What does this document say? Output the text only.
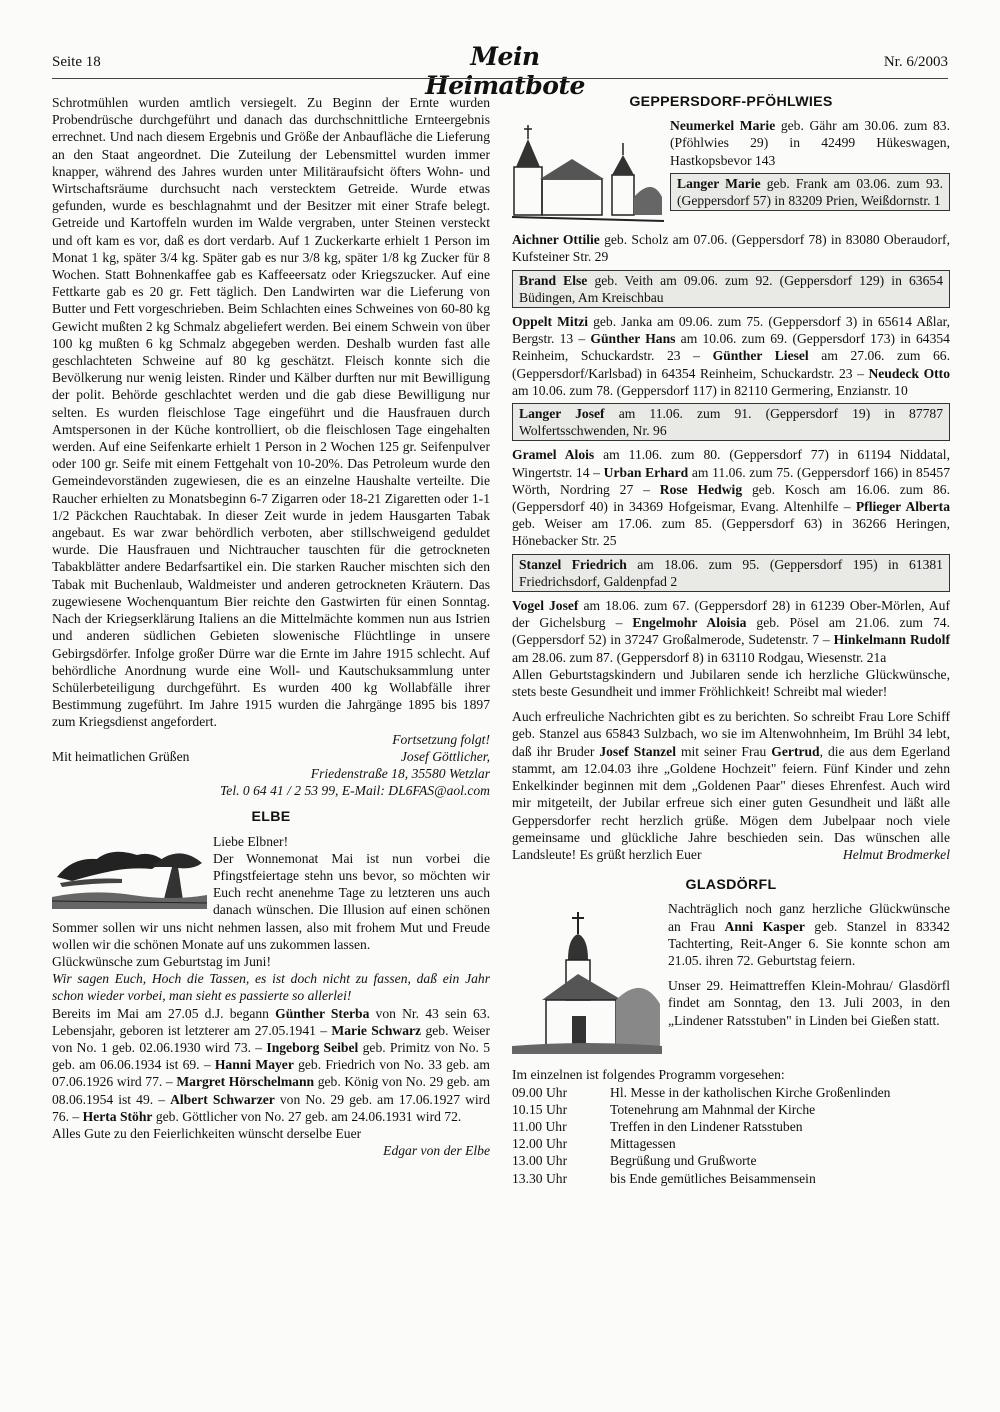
Seite 18	Mein Heimatbote
Nr. 6/2003

Schrotmühlen wurden amtlich versiegelt. Zu Beginn der Ernte wurden Probendrüsche durchgeführt und danach das durchschnittliche Ernteergebnis errechnet. Und nach diesem Ergebnis und Größe der Anbaufläche die Lieferung an den Staat angeordnet. Die Zuteilung der Lebensmittel wurden immer knapper, während des Jahres wurden unter Militäraufsicht öfters Wohn- und Wirtschaftsräume durchsucht nach verstecktem Getreide. Wurde etwas gefunden, wurde es beschlagnahmt und der Besitzer mit einer Strafe belegt. Getreide und Kartoffeln wurden im Walde vergraben, unter Steinen versteckt und oft kam es vor, daß es dort verdarb. Auf 1 Zuckerkarte erhielt 1 Person im Monat 1 kg, später 3/4 kg. Später gab es nur 3/8 kg, später 1/8 kg Zucker für 8 Wochen. Statt Bohnenkaffee gab es Kaffeeersatz oder Kriegszucker. Auf eine Fettkarte gab es 20 gr. Fett täglich. Den Landwirten war die Lieferung von Butter und Fett vorgeschrieben. Beim Schlachten eines Schweines von 60-80 kg Gewicht mußten 2 kg Schmalz abgeliefert werden. Bei einem Schwein von über 100 kg mußten 6 kg Schmalz abgegeben werden. Deshalb wurden fast alle geschlachteten Schweine auf 80 kg geschätzt. Fleisch konnte sich die Bevölkerung nur wenig leisten. Rinder und Kälber durften nur mit Bewilligung der polit. Behörde geschlachtet werden und die gab diese Bewilligung nur selten. Es wurden fleischlose Tage eingeführt und die Hausfrauen durch Amtspersonen in der Küche kontrolliert, ob die fleischlosen Tage eingehalten werden. Auf eine Seifenkarte erhielt 1 Person in 2 Wochen 125 gr. Seifenpulver oder 100 gr. Seife mit einem Fettgehalt von 10-20%. Das Petroleum wurde den Gemeindevorständen zugewiesen, die es an einzelne Haushalte verteilte. Die Raucher erhielten zu Monatsbeginn 6-7 Zigarren oder 18-21 Zigaretten oder 1-1 1/2 Päckchen Rauchtabak. In dieser Zeit wurde in jedem Hausgarten Tabak angebaut. Es war zwar behördlich verboten, aber stillschweigend geduldet wurde. Die Hausfrauen und Nichtraucher tauschten für die getrockneten Tabakblätter andere Bedarfsartikel ein. Die starken Raucher mischten sich den Tabak mit Buchenlaub, Waldmeister und anderen getrockneten Kräutern. Das zugewiesene Wochenquantum Bier reichte den Gastwirten für einen Sonntag. Nach der Kriegserklärung Italiens an die Mittelmächte kommen nun aus Istrien und anderen südlichen Gebieten slowenische Flüchtlinge in unsere Gebirgsdörfer. Infolge großer Dürre war die Ernte im Jahre 1915 schlecht. Auf behördliche Anordnung wurde eine Woll- und Kautschuksammlung unter Schülerbeteiligung durchgeführt. Es wurden 400 kg Wollabfälle ihrer Bestimmung zugeführt. Im Jahre 1915 wurden die Jahrgänge 1895 bis 1897 zum Kriegsdienst angefordert.

Fortsetzung folgt!

Mit heimatlichen Grüßen	Josef Göttlicher,

Friedenstraße 18, 35580 Wetzlar

Tel. 0 64 41 / 2 53 99, E-Mail: DL6FAS@aol.com

ELBE

Liebe Elbner!

Der Wonnemonat Mai ist nun vorbei die Pfingstfeiertage stehn uns bevor, so möchten wir Euch recht anenehme Tage zu letzteren uns auch danach wünschen. Die Illusion auf einen schönen Sommer sollen wir uns nicht nehmen lassen, also mit frohem Mut und Freude wollen wir die schönen Monate auf uns zukommen lassen.

Glückwünsche zum Geburtstag im Juni!

Wir sagen Euch, Hoch die Tassen, es ist doch nicht zu fassen, daß ein Jahr schon wieder vorbei, man sieht es passierte so allerlei!

Bereits im Mai am 27.05 d.J. begann Günther Sterba von Nr. 43 sein 63. Lebensjahr, geboren ist letzterer am 27.05.1941 – Marie Schwarz geb. Weiser von No. 1 geb. 02.06.1930 wird 73. – Ingeborg Seibel geb. Primitz von No. 5 geb. am 06.06.1934 ist 69. – Hanni Mayer geb. Friedrich von No. 33 geb. am 07.06.1926 wird 77. – Margret Hörschelmann geb. König von No. 29 geb. am 08.06.1954 ist 49. – Albert Schwarzer von No. 29 geb. am 17.06.1927 wird 76. – Herta Stöhr geb. Göttlicher von No. 27 geb. am 24.06.1931 wird 72.

Alles Gute zu den Feierlichkeiten wünscht derselbe Euer

Edgar von der Elbe

GEPPERSDORF-PFÖHLWIES

Neumerkel Marie geb. Gähr am 30.06. zum 83. (Pföhlwies 29) in 42499 Hükeswagen, Hastkopsbevor 143

Langer Marie geb. Frank am 03.06. zum 93. (Geppersdorf 57) in 83209 Prien, Weißdornstr. 1

Aichner Ottilie geb. Scholz am 07.06. (Geppersdorf 78) in 83080 Oberaudorf, Kufsteiner Str. 29

Brand Else geb. Veith am 09.06. zum 92. (Geppersdorf 129) in 63654 Büdingen, Am Kreischbau

Oppelt Mitzi geb. Janka am 09.06. zum 75. (Geppersdorf 3) in 65614 Aßlar, Bergstr. 13 – Günther Hans am 10.06. zum 69. (Geppersdorf 173) in 64354 Reinheim, Schuckardstr. 23 – Günther Liesel am 27.06. zum 66. (Geppersdorf/Karlsbad) in 64354 Reinheim, Schuckardstr. 23 – Neudeck Otto am 10.06. zum 78. (Geppersdorf 117) in 82110 Germering, Enzianstr. 10

Langer Josef am 11.06. zum 91. (Geppersdorf 19) in 87787 Wolfertsschwenden, Nr. 96

Gramel Alois am 11.06. zum 80. (Geppersdorf 77) in 61194 Niddatal, Wingertstr. 14 – Urban Erhard am 11.06. zum 75. (Geppersdorf 166) in 85457 Wörth, Nordring 27 – Rose Hedwig geb. Kosch am 16.06. zum 86. (Geppersdorf 40) in 34369 Hofgeismar, Evang. Altenhilfe – Pflieger Alberta geb. Weiser am 17.06. zum 85. (Geppersdorf 63) in 36266 Heringen, Hönebacker Str. 25

Stanzel Friedrich am 18.06. zum 95. (Geppersdorf 195) in 61381 Friedrichsdorf, Galdenpfad 2

Vogel Josef am 18.06. zum 67. (Geppersdorf 28) in 61239 Ober-Mörlen, Auf der Gichelsburg – Engelmohr Aloisia geb. Pösel am 21.06. zum 74. (Geppersdorf 52) in 37247 Großalmerode, Sudetenstr. 7 – Hinkelmann Rudolf am 28.06. zum 87. (Geppersdorf 8) in 63110 Rodgau, Wiesenstr. 21a

Allen Geburtstagskindern und Jubilaren sende ich herzliche Glückwünsche, stets beste Gesundheit und immer Fröhlichkeit! Schreibt mal wieder!

Auch erfreuliche Nachrichten gibt es zu berichten. So schreibt Frau Lore Schiff geb. Stanzel aus 65843 Sulzbach, wo sie im Altenwohnheim, Im Brühl 34 lebt, daß ihr Bruder Josef Stanzel mit seiner Frau Gertrud, die aus dem Egerland stammt, am 12.04.03 ihre „Goldene Hochzeit" feiern. Fünf Kinder und zehn Enkelkinder beginnen mit dem „Goldenen Paar" dieses Ehrenfest. Auch wird mir mitgeteilt, der Jubilar erfreue sich einer guten Gesundheit und läßt alle Geppersdorfer recht herzlich grüße. Mögen dem Jubelpaar noch viele gemeinsame und glückliche Jahre beschieden sein. Das wünschen alle Landsleute! Es grüßt herzlich Euer	Helmut Brodmerkel

GLASDÖRFL

Nachträglich noch ganz herzliche Glückwünsche an Frau Anni Kasper geb. Stanzel in 83342 Tachterting, Reit-Anger 6. Sie konnte schon am 21.05. ihren 72. Geburtstag feiern.

Unser 29. Heimattreffen Klein-Mohrau/ Glasdörfl findet am Sonntag, den 13. Juli 2003, in den „Lindener Ratsstuben" in Linden bei Gießen statt.

Im einzelnen ist folgendes Programm vorgesehen:

09.00 Uhr	Hl. Messe in der katholischen Kirche Großenlinden
10.15 Uhr	Totenehrung am Mahnmal der Kirche
11.00 Uhr	Treffen in den Lindener Ratsstuben
12.00 Uhr	Mittagessen
13.00 Uhr	Begrüßung und Grußworte
13.30 Uhr	bis Ende gemütliches Beisammensein
